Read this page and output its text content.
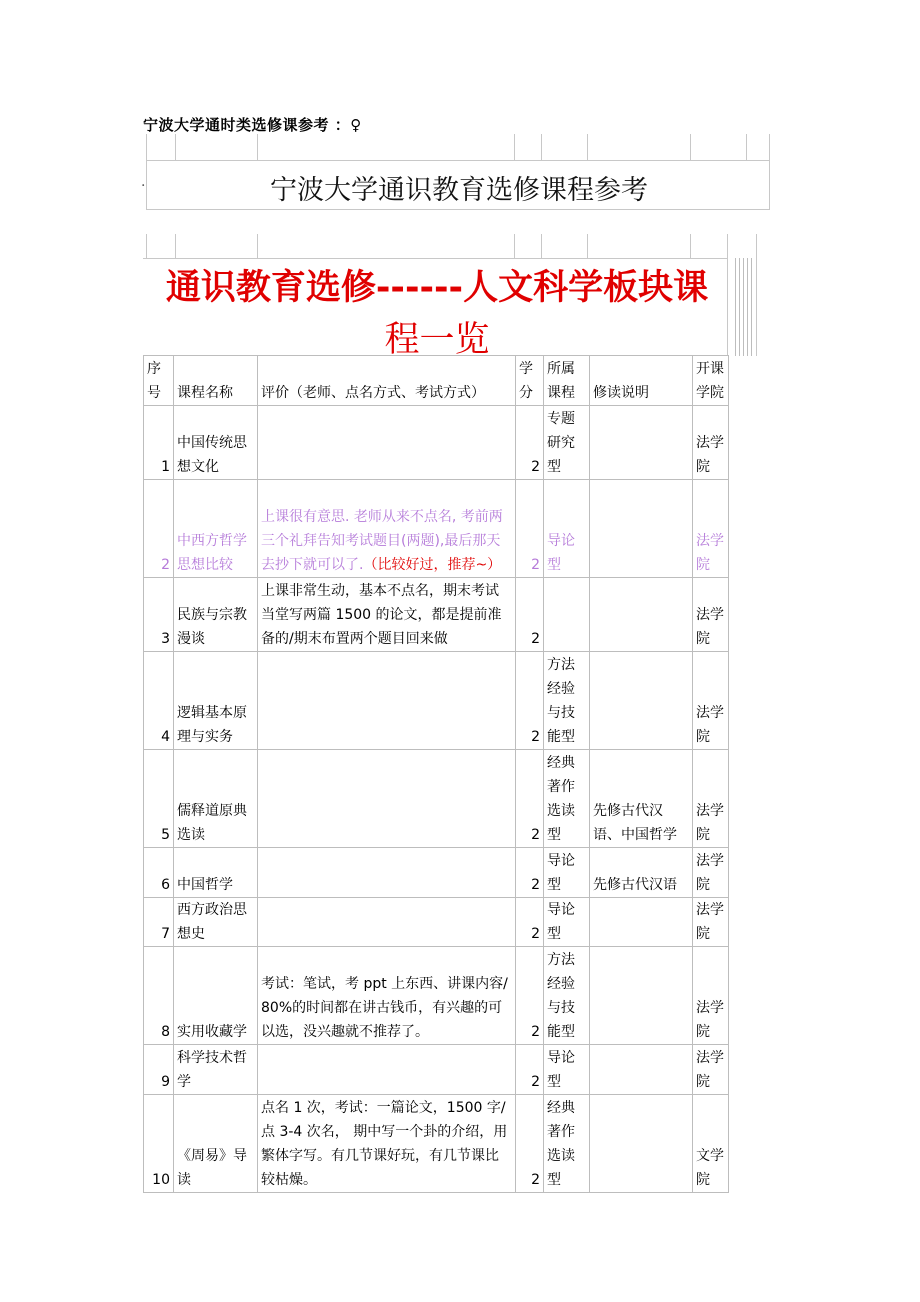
宁波大学通时类选修课参考 ：♀
·	宁波大学通识教育选修课程参考
通识教育选修------人文科学板块课
程一览
序号	课程名称	评价（老师、点名方式、考试方式）	学分	所属课程	修读说明	开课学院
1	中国传统思想文化		2	专题研究型		法学院
2	中西方哲学思想比较	上课很有意思. 老师从来不点名, 考前两三个礼拜告知考试题目(两题),最后那天去抄下就可以了.（比较好过，推荐~）	2	导论型		法学院
3	民族与宗教漫谈	上课非常生动，基本不点名，期末考试当堂写两篇 1500 的论文，都是提前准备的/期末布置两个题目回来做	2			法学院
4	逻辑基本原理与实务		2	方法经验与技能型		法学院
5	儒释道原典选读		2	经典著作选读型	先修古代汉语、中国哲学	法学院
6	中国哲学		2	导论型	先修古代汉语	法学院
7	西方政治思想史		2	导论型		法学院
8	实用收藏学	考试：笔试，考 ppt 上东西、讲课内容/80%的时间都在讲古钱币，有兴趣的可以选，没兴趣就不推荐了。	2	方法经验与技能型		法学院
9	科学技术哲学		2	导论型		法学院
10	《周易》导读	点名 1 次，考试：一篇论文，1500 字/点 3-4 次名， 期中写一个卦的介绍，用繁体字写。有几节课好玩，有几节课比较枯燥。	2	经典著作选读型		文学院
